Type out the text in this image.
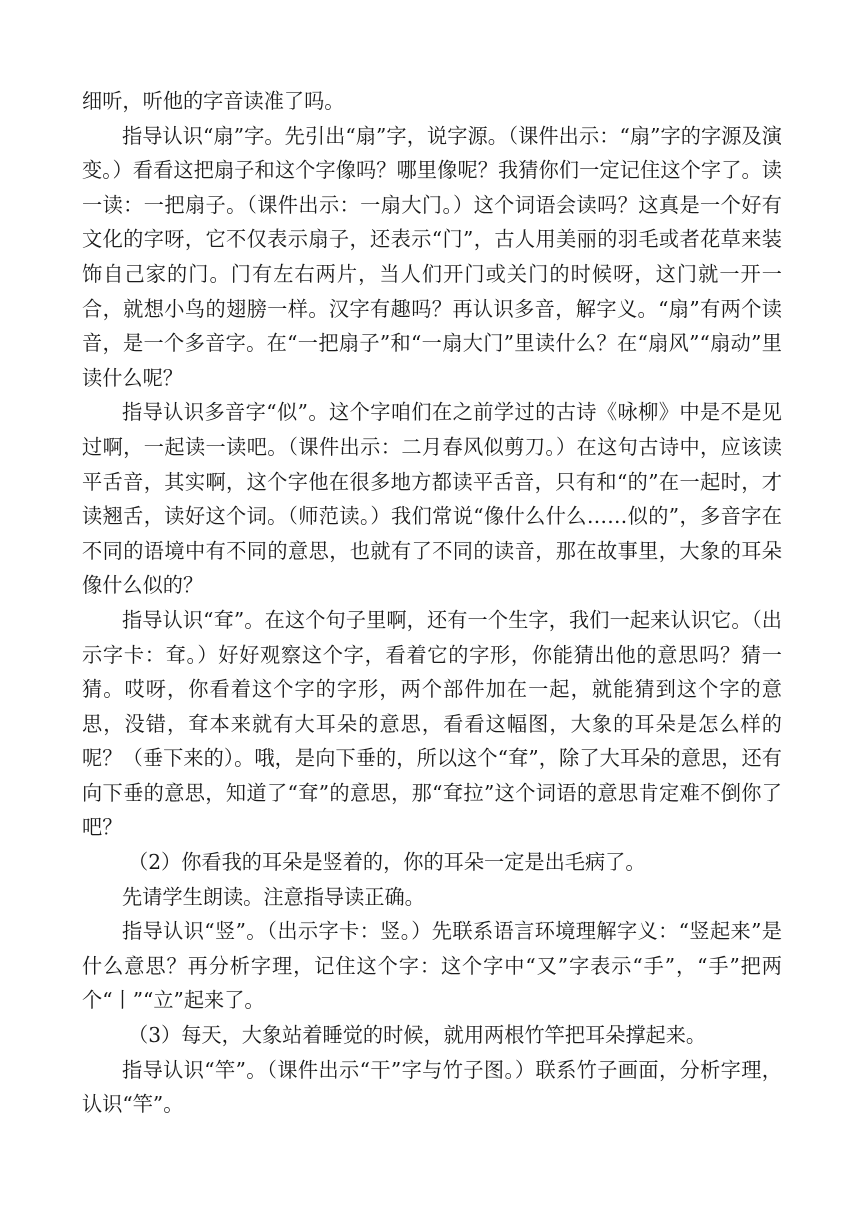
细听，听他的字音读准了吗。

指导认识“扇”字。先引出“扇”字，说字源。（课件出示：“扇”字的字源及演变。）看看这把扇子和这个字像吗？哪里像呢？我猜你们一定记住这个字了。读一读：一把扇子。（课件出示：一扇大门。）这个词语会读吗？这真是一个好有文化的字呀，它不仅表示扇子，还表示“门”，古人用美丽的羽毛或者花草来装饰自己家的门。门有左右两片，当人们开门或关门的时候呀，这门就一开一合，就想小鸟的翅膀一样。汉字有趣吗？再认识多音，解字义。“扇”有两个读音，是一个多音字。在“一把扇子”和“一扇大门”里读什么？在“扇风”“扇动”里读什么呢？

指导认识多音字“似”。这个字咱们在之前学过的古诗《咏柳》中是不是见过啊，一起读一读吧。（课件出示：二月春风似剪刀。）在这句古诗中，应该读平舌音，其实啊，这个字他在很多地方都读平舌音，只有和“的”在一起时，才读翘舌，读好这个词。（师范读。）我们常说“像什么什么……似的”，多音字在不同的语境中有不同的意思，也就有了不同的读音，那在故事里，大象的耳朵像什么似的？

指导认识“耷”。在这个句子里啊，还有一个生字，我们一起来认识它。（出示字卡：耷。）好好观察这个字，看着它的字形，你能猜出他的意思吗？猜一猜。哎呀，你看着这个字的字形，两个部件加在一起，就能猜到这个字的意思，没错，耷本来就有大耳朵的意思，看看这幅图，大象的耳朵是怎么样的呢？（垂下来的）。哦，是向下垂的，所以这个“耷”，除了大耳朵的意思，还有向下垂的意思，知道了“耷”的意思，那“耷拉”这个词语的意思肯定难不倒你了吧？

（2）你看我的耳朵是竖着的，你的耳朵一定是出毛病了。

先请学生朗读。注意指导读正确。

指导认识“竖”。（出示字卡：竖。）先联系语言环境理解字义：“竖起来”是什么意思？再分析字理，记住这个字：这个字中“又”字表示“手”，“手”把两个“丨”“立”起来了。

（3）每天，大象站着睡觉的时候，就用两根竹竿把耳朵撑起来。

指导认识“竿”。（课件出示“干”字与竹子图。）联系竹子画面，分析字理，认识“竿”。
